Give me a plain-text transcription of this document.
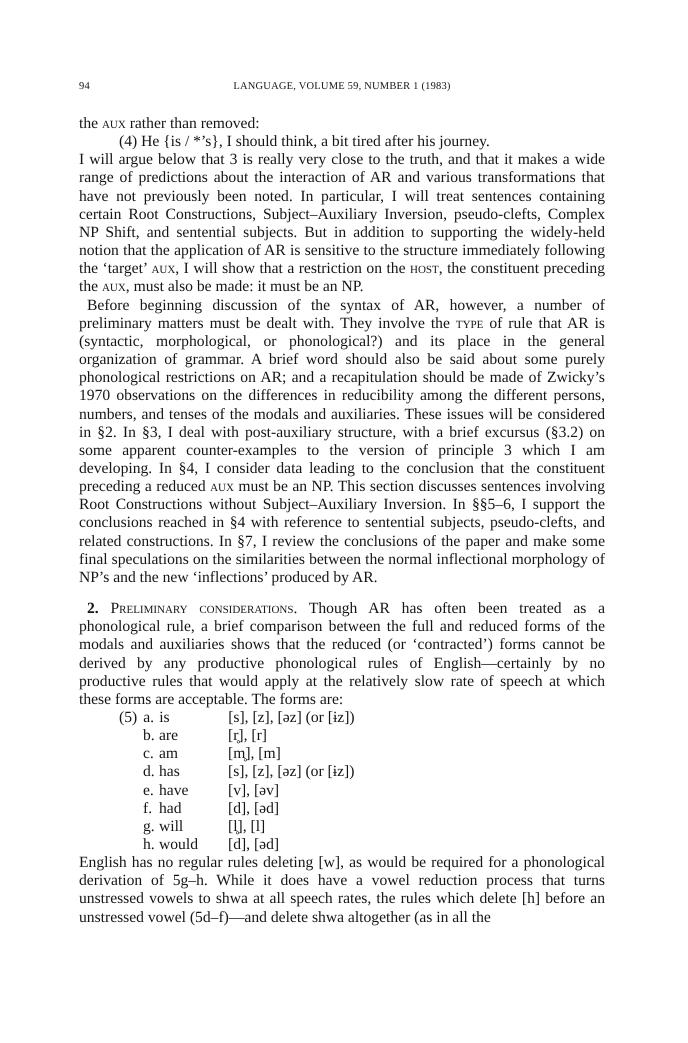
94	LANGUAGE, VOLUME 59, NUMBER 1 (1983)

the aux rather than removed:

(4) He {is / *’s}, I should think, a bit tired after his journey.

I will argue below that 3 is really very close to the truth, and that it makes a wide range of predictions about the interaction of AR and various transformations that have not previously been noted. In particular, I will treat sentences containing certain Root Constructions, Subject–Auxiliary Inversion, pseudo-clefts, Complex NP Shift, and sentential subjects. But in addition to supporting the widely-held notion that the application of AR is sensitive to the structure immediately following the ‘target’ aux, I will show that a restriction on the host, the constituent preceding the aux, must also be made: it must be an NP.

Before beginning discussion of the syntax of AR, however, a number of preliminary matters must be dealt with. They involve the type of rule that AR is (syntactic, morphological, or phonological?) and its place in the general organization of grammar. A brief word should also be said about some purely phonological restrictions on AR; and a recapitulation should be made of Zwicky’s 1970 observations on the differences in reducibility among the different persons, numbers, and tenses of the modals and auxiliaries. These issues will be considered in §2. In §3, I deal with post-auxiliary structure, with a brief excursus (§3.2) on some apparent counter-examples to the version of principle 3 which I am developing. In §4, I consider data leading to the conclusion that the constituent preceding a reduced aux must be an NP. This section discusses sentences involving Root Constructions without Subject–Auxiliary Inversion. In §§5–6, I support the conclusions reached in §4 with reference to sentential subjects, pseudo-clefts, and related constructions. In §7, I review the conclusions of the paper and make some final speculations on the similarities between the normal inflectional morphology of NP’s and the new ‘inflections’ produced by AR.

2. Preliminary considerations. Though AR has often been treated as a phonological rule, a brief comparison between the full and reduced forms of the modals and auxiliaries shows that the reduced (or ‘contracted’) forms cannot be derived by any productive phonological rules of English—certainly by no productive rules that would apply at the relatively slow rate of speech at which these forms are acceptable. The forms are:

(5) a. is	[s], [z], [əz] (or [ɨz])
b. are	[r̥], [r]
c. am	[m̥], [m]
d. has	[s], [z], [əz] (or [ɨz])
e. have	[v], [əv]
f. had	[d], [əd]
g. will	[l̥], [l]
h. would	[d], [əd]

English has no regular rules deleting [w], as would be required for a phonological derivation of 5g–h. While it does have a vowel reduction process that turns unstressed vowels to shwa at all speech rates, the rules which delete [h] before an unstressed vowel (5d–f)—and delete shwa altogether (as in all the
